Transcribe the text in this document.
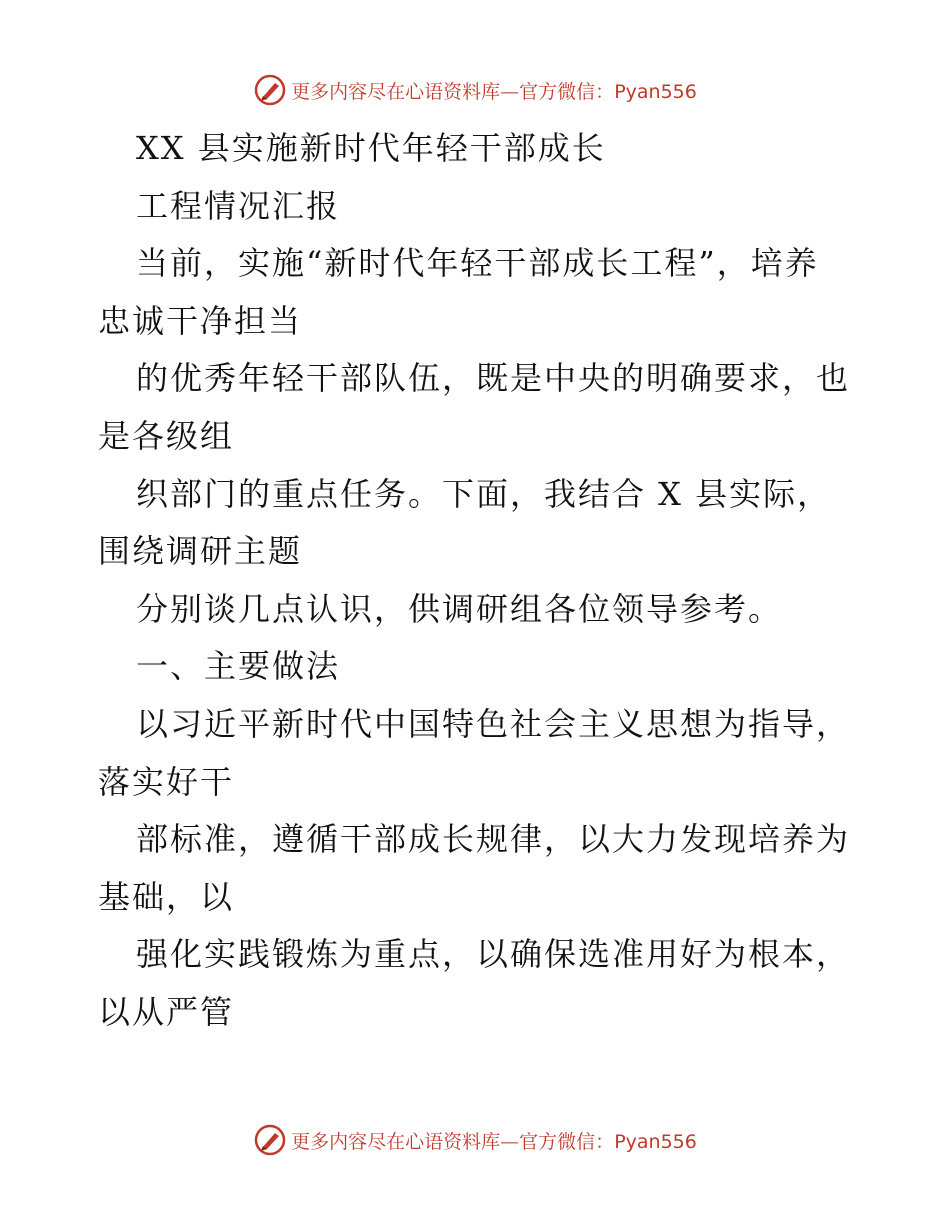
更多内容尽在心语资料库—官方微信：Pyan556
XX 县实施新时代年轻干部成长
工程情况汇报
当前，实施“新时代年轻干部成长工程”，培养
忠诚干净担当
的优秀年轻干部队伍，既是中央的明确要求，也
是各级组
织部门的重点任务。下面，我结合 X 县实际，
围绕调研主题
分别谈几点认识，供调研组各位领导参考。
一、主要做法
以习近平新时代中国特色社会主义思想为指导，
落实好干
部标准，遵循干部成长规律，以大力发现培养为
基础，以
强化实践锻炼为重点，以确保选准用好为根本，
以从严管
更多内容尽在心语资料库—官方微信：Pyan556
